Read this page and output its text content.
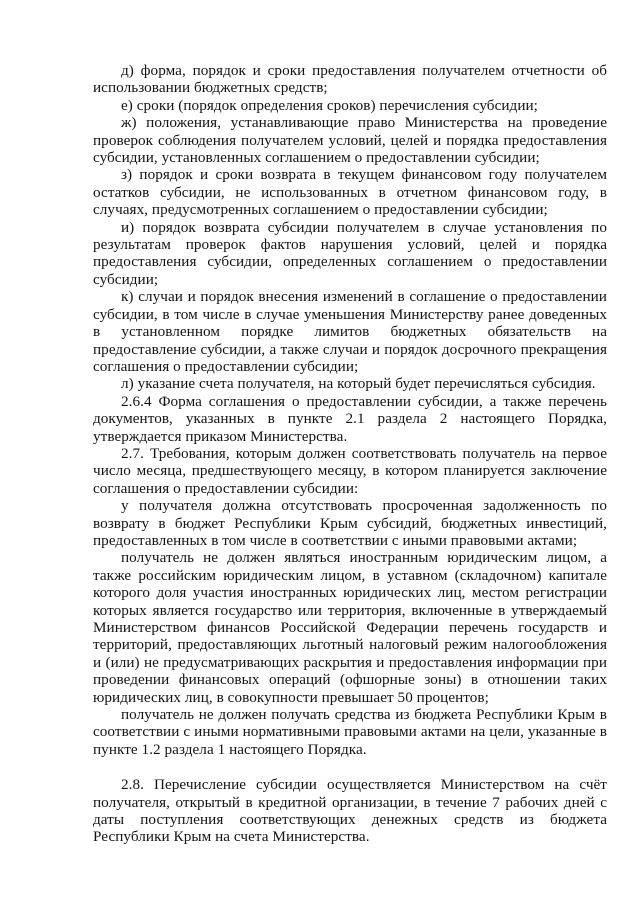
д) форма, порядок и сроки предоставления получателем отчетности об использовании бюджетных средств;

е) сроки (порядок определения сроков) перечисления субсидии;

ж) положения, устанавливающие право Министерства на проведение проверок соблюдения получателем условий, целей и порядка предоставления субсидии, установленных соглашением о предоставлении субсидии;

з) порядок и сроки возврата в текущем финансовом году получателем остатков субсидии, не использованных в отчетном финансовом году, в случаях, предусмотренных соглашением о предоставлении субсидии;

и) порядок возврата субсидии получателем в случае установления по результатам проверок фактов нарушения условий, целей и порядка предоставления субсидии, определенных соглашением о предоставлении субсидии;

к) случаи и порядок внесения изменений в соглашение о предоставлении субсидии, в том числе в случае уменьшения Министерству ранее доведенных в установленном порядке лимитов бюджетных обязательств на предоставление субсидии, а также случаи и порядок досрочного прекращения соглашения о предоставлении субсидии;

л) указание счета получателя, на который будет перечисляться субсидия.

2.6.4 Форма соглашения о предоставлении субсидии, а также перечень документов, указанных в пункте 2.1 раздела 2 настоящего Порядка, утверждается приказом Министерства.

2.7. Требования, которым должен соответствовать получатель на первое число месяца, предшествующего месяцу, в котором планируется заключение соглашения о предоставлении субсидии:

у получателя должна отсутствовать просроченная задолженность по возврату в бюджет Республики Крым субсидий, бюджетных инвестиций, предоставленных в том числе в соответствии с иными правовыми актами;

получатель не должен являться иностранным юридическим лицом, а также российским юридическим лицом, в уставном (складочном) капитале которого доля участия иностранных юридических лиц, местом регистрации которых является государство или территория, включенные в утверждаемый Министерством финансов Российской Федерации перечень государств и территорий, предоставляющих льготный налоговый режим налогообложения и (или) не предусматривающих раскрытия и предоставления информации при проведении финансовых операций (офшорные зоны) в отношении таких юридических лиц, в совокупности превышает 50 процентов;

получатель не должен получать средства из бюджета Республики Крым в соответствии с иными нормативными правовыми актами на цели, указанные в пункте 1.2 раздела 1 настоящего Порядка.

2.8. Перечисление субсидии осуществляется Министерством на счёт получателя, открытый в кредитной организации, в течение 7 рабочих дней с даты поступления соответствующих денежных средств из бюджета Республики Крым на счета Министерства.
